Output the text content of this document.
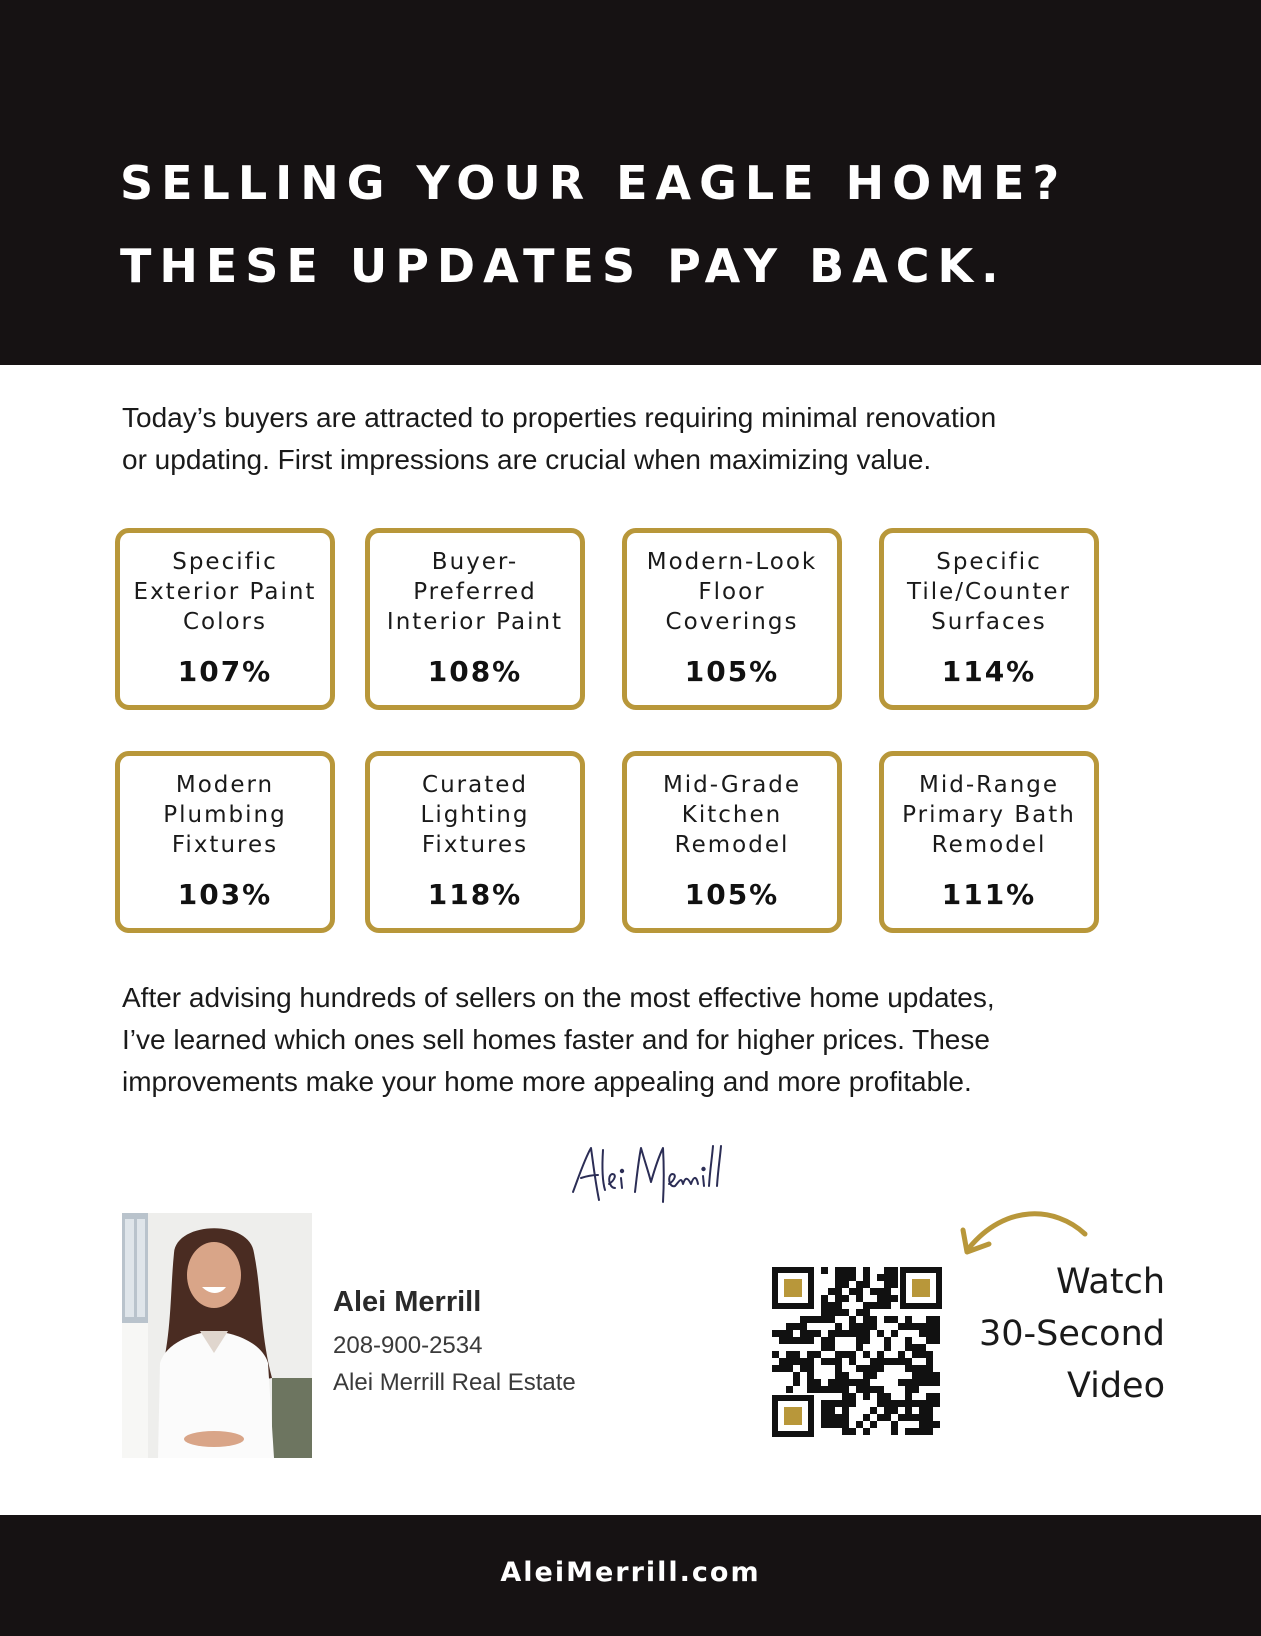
SELLING YOUR EAGLE HOME?
THESE UPDATES PAY BACK.

Today’s buyers are attracted to properties requiring minimal renovation

or updating. First impressions are crucial when maximizing value.

Specific
Exterior Paint
Colors
107%
Buyer-
Preferred
Interior Paint
108%
Modern-Look
Floor
Coverings
105%
Specific
Tile/Counter
Surfaces
114%
Modern
Plumbing
Fixtures
103%
Curated
Lighting
Fixtures
118%
Mid-Grade
Kitchen
Remodel
105%
Mid-Range
Primary Bath
Remodel
111%

After advising hundreds of sellers on the most effective home updates,

I’ve learned which ones sell homes faster and for higher prices. These

improvements make your home more appealing and more profitable.

Alei Merrill
208-900-2534
Alei Merrill Real Estate
Watch
30-Second
Video
AleiMerrill.com
